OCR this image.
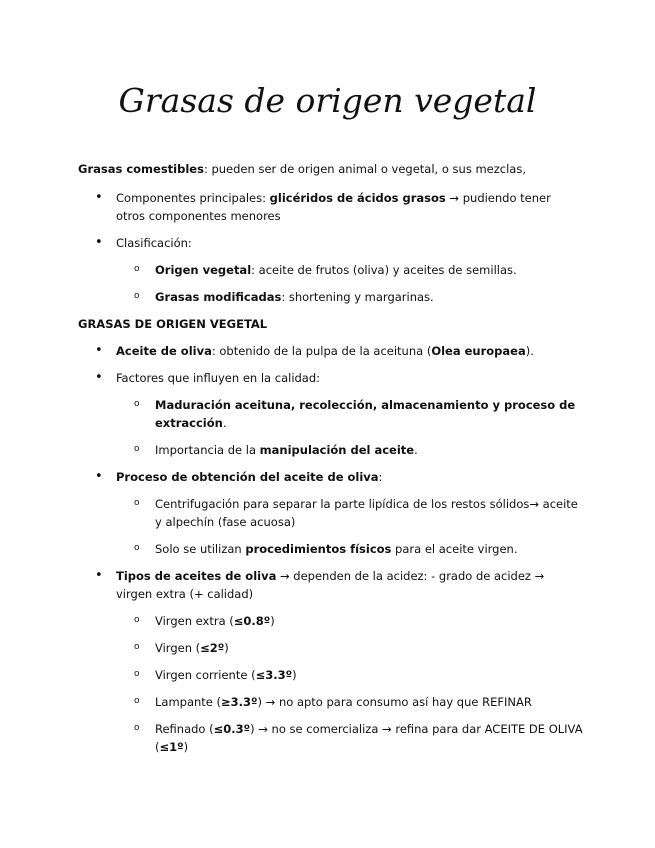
Grasas de origen vegetal

Grasas comestibles: pueden ser de origen animal o vegetal, o sus mezclas,

• Componentes principales: glicéridos de ácidos grasos → pudiendo tener otros componentes menores
• Clasificación:
o Origen vegetal: aceite de frutos (oliva) y aceites de semillas.
o Grasas modificadas: shortening y margarinas.
GRASAS DE ORIGEN VEGETAL
• Aceite de oliva: obtenido de la pulpa de la aceituna (Olea europaea).
• Factores que influyen en la calidad:
o Maduración aceituna, recolección, almacenamiento y proceso de extracción.
o Importancia de la manipulación del aceite.
• Proceso de obtención del aceite de oliva:
o Centrifugación para separar la parte lipídica de los restos sólidos→ aceite y alpechín (fase acuosa)
o Solo se utilizan procedimientos físicos para el aceite virgen.
• Tipos de aceites de oliva → dependen de la acidez: - grado de acidez → virgen extra (+ calidad)
o Virgen extra (≤0.8º)
o Virgen (≤2º)
o Virgen corriente (≤3.3º)
o Lampante (≥3.3º) → no apto para consumo así hay que REFINAR
o Refinado (≤0.3º) → no se comercializa → refina para dar ACEITE DE OLIVA (≤1º)
